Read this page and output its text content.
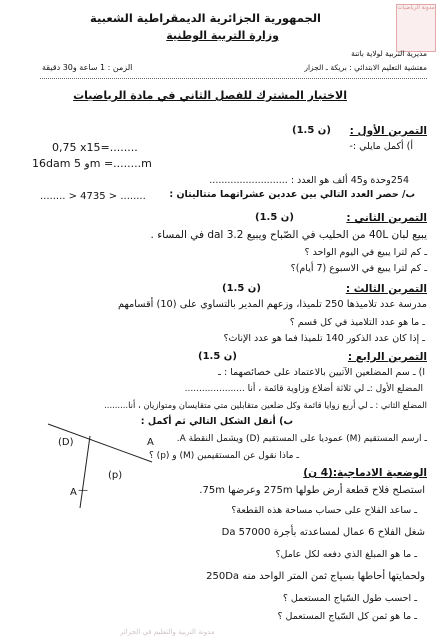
الجمهورية الجزائرية الديمقراطية الشعبية
وزارة التربية الوطنية
مدونة الرياضيات
مديرية التربية لولاية باتنة
مفتشية التعليم الابتدائي : بريكة ـ الجزار
الزمن : 1 ساعة و30 دقيقة
الاختبار المشترك للفصل الثاني في مادة الرياضيات
التمرين الأول :
(1.5 ن)
أ) أكمل مايلي :-
0,75 x15=........
16dam و 5m =........m
254وحدة و45 ألف هو العدد : ..........................
ب/ حصر العدد التالي بين عددين عشراتهما متتاليتان :
........ > 4735 > ........
التمرين الثاني :
(1.5 ن)
يبيع لبان 40L من الحليب في الصّباح ويبيع 3.2 dal في المساء .
ـ كم لترا يبيع في اليوم الواحد ؟
ـ كم لترا يبيع في الاسبوع (7 أيام)؟
التمرين الثالث :
(1.5 ن)
مدرسة عدد تلاميذها 250 تلميذا، وزعهم المدير بالتساوي على (10) أقسامهم
ـ ما هو عدد التلاميذ في كل قسم ؟
ـ إذا كان عدد الذكور 140 تلميذا فما هو عدد الإناث؟
التمرين الرابع :
(1.5 ن)
ا) ـ سم المضلعين الآتيين بالاعتماد على خصائصهما : ـ
المضلع الأول :ـ لي ثلاثة أضلاع وزاوية قائمة ، أنا .....................
المضلع الثاني : ـ لي أربع زوايا قائمة وكل ضلعين متقابلين متي متقايسان ومتوازيان ، أنا.........
ب) أنقل الشكل التالي ثم أكمل :
ـ ارسم المستقيم (M) عموديا على المستقيم (D) ويشمل النقطة A.
ـ ماذا نقول عن المستقيمين (M) و (p) ؟
(D)	A
(p)
A —
الوضعية الادماجية:(4 ن)
استصلح فلاح قطعة أرض طولها 275m وعرضها 75m.
ـ ساعد الفلاح على حساب مساحة هذه القطعة؟
شغل الفلاح 6 عمال لمساعدته بأجرة 57000 Da
ـ ما هو المبلغ الذي دفعه لكل عامل؟
ولحمايتها أحاطها بسياج ثمن المتر الواحد منه 250Da
ـ احسب طول السّياج المستعمل ؟
ـ ما هو ثمن كل السّياج المستعمل ؟
مدونة التربية والتعليم في الجزائر
